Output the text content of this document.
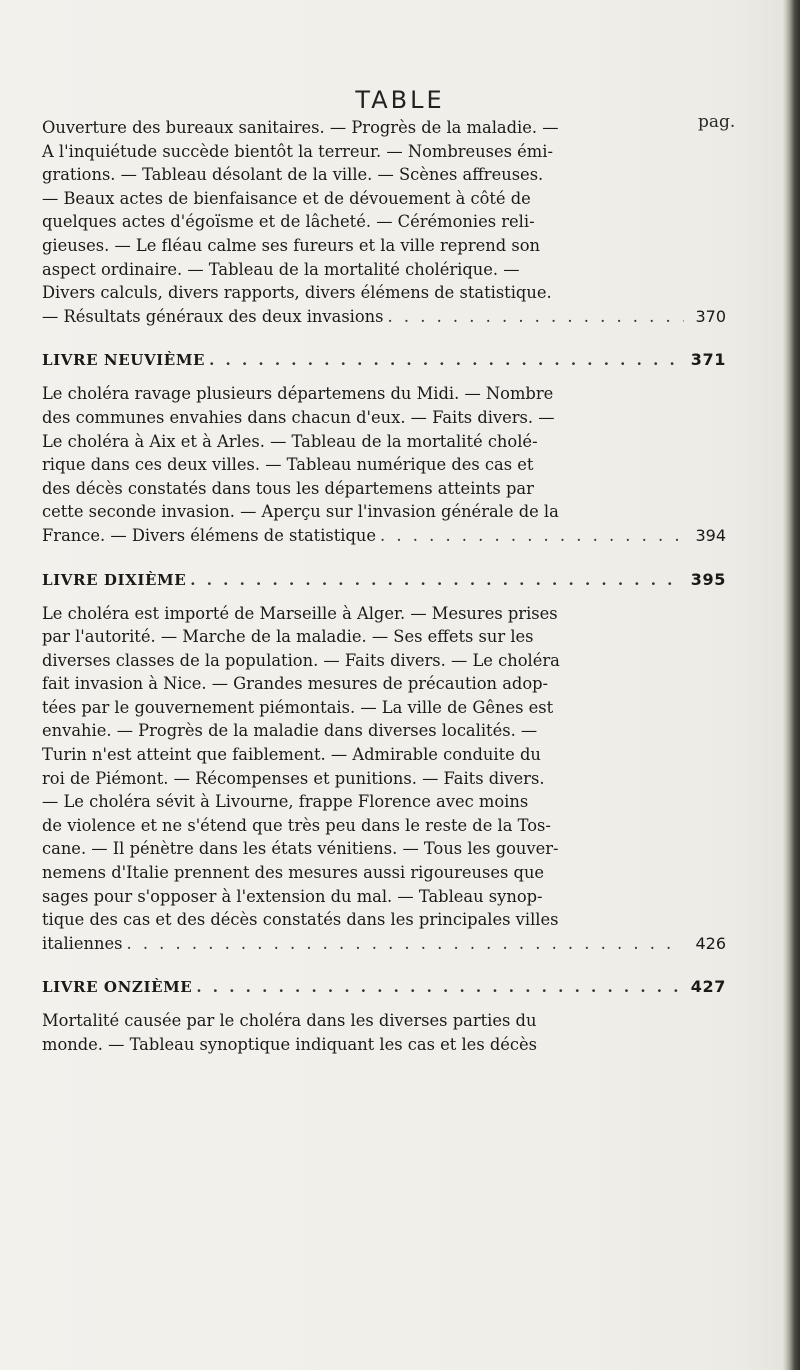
TABLE
pag.

Ouverture des bureaux sanitaires. — Progrès de la maladie. —

A l'inquiétude succède bientôt la terreur. — Nombreuses émi-

grations. — Tableau désolant de la ville. — Scènes affreuses.

— Beaux actes de bienfaisance et de dévouement à côté de

quelques actes d'égoïsme et de lâcheté. — Cérémonies reli-

gieuses. — Le fléau calme ses fureurs et la ville reprend son

aspect ordinaire. — Tableau de la mortalité cholérique. —

Divers calculs, divers rapports, divers élémens de statistique.

— Résultats généraux des deux invasions . . .	370
LIVRE NEUVIÈME . . .	371

Le choléra ravage plusieurs départemens du Midi. — Nombre

des communes envahies dans chacun d'eux. — Faits divers. —

Le choléra à Aix et à Arles. — Tableau de la mortalité cholé-

rique dans ces deux villes. — Tableau numérique des cas et

des décès constatés dans tous les départemens atteints par

cette seconde invasion. — Aperçu sur l'invasion générale de la

France. — Divers élémens de statistique . . .	394
LIVRE DIXIÈME . . .	395

Le choléra est importé de Marseille à Alger. — Mesures prises

par l'autorité. — Marche de la maladie. — Ses effets sur les

diverses classes de la population. — Faits divers. — Le choléra

fait invasion à Nice. — Grandes mesures de précaution adop-

tées par le gouvernement piémontais. — La ville de Gênes est

envahie. — Progrès de la maladie dans diverses localités. —

Turin n'est atteint que faiblement. — Admirable conduite du

roi de Piémont. — Récompenses et punitions. — Faits divers.

— Le choléra sévit à Livourne, frappe Florence avec moins

de violence et ne s'étend que très peu dans le reste de la Tos-

cane. — Il pénètre dans les états vénitiens. — Tous les gouver-

nemens d'Italie prennent des mesures aussi rigoureuses que

sages pour s'opposer à l'extension du mal. — Tableau synop-

tique des cas et des décès constatés dans les principales villes

italiennes . . .	426
LIVRE ONZIÈME . . .	427

Mortalité causée par le choléra dans les diverses parties du

monde. — Tableau synoptique indiquant les cas et les décès
